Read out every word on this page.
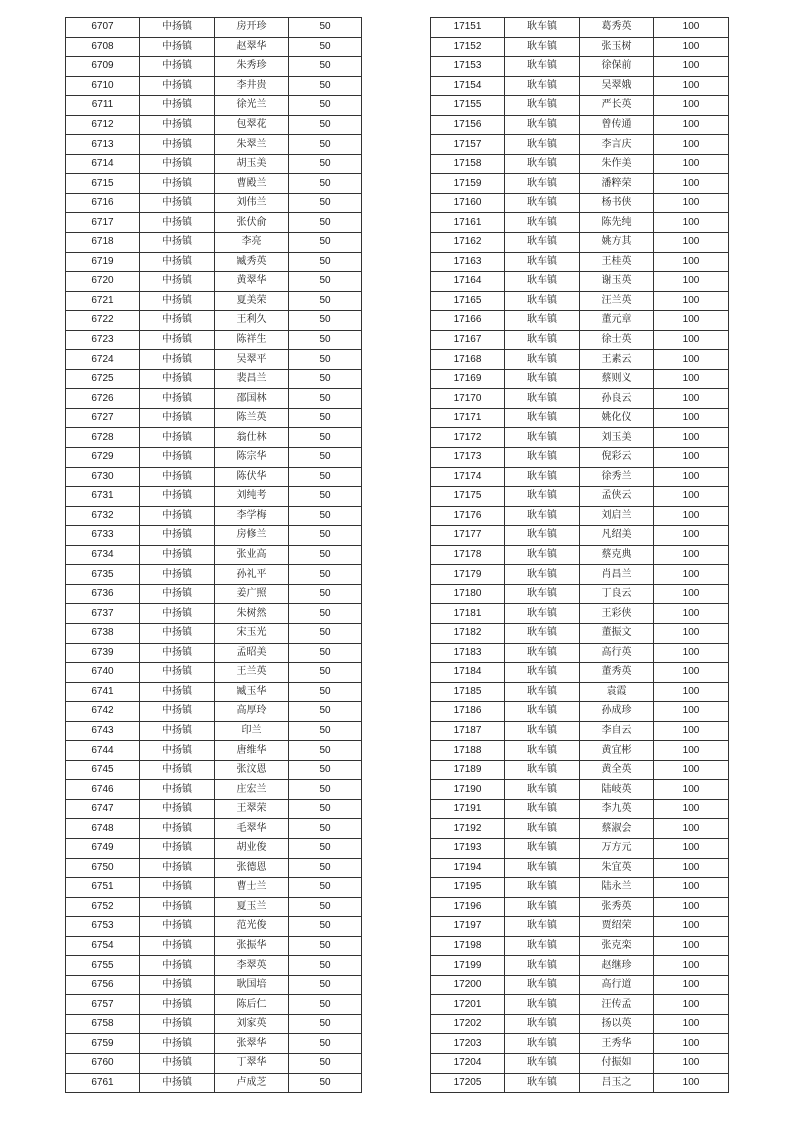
6707	中扬镇	房开珍	50
6708	中扬镇	赵翠华	50
6709	中扬镇	朱秀珍	50
6710	中扬镇	李井贵	50
6711	中扬镇	徐光兰	50
6712	中扬镇	包翠花	50
6713	中扬镇	朱翠兰	50
6714	中扬镇	胡玉美	50
6715	中扬镇	曹殿兰	50
6716	中扬镇	刘伟兰	50
6717	中扬镇	张伏俞	50
6718	中扬镇	李亮	50
6719	中扬镇	臧秀英	50
6720	中扬镇	黄翠华	50
6721	中扬镇	夏美荣	50
6722	中扬镇	王利久	50
6723	中扬镇	陈祥生	50
6724	中扬镇	吴翠平	50
6725	中扬镇	裴昌兰	50
6726	中扬镇	邵国林	50
6727	中扬镇	陈兰英	50
6728	中扬镇	翁仕林	50
6729	中扬镇	陈宗华	50
6730	中扬镇	陈伏华	50
6731	中扬镇	刘纯考	50
6732	中扬镇	李学梅	50
6733	中扬镇	房修兰	50
6734	中扬镇	张业高	50
6735	中扬镇	孙礼平	50
6736	中扬镇	姜广照	50
6737	中扬镇	朱树然	50
6738	中扬镇	宋玉光	50
6739	中扬镇	孟昭美	50
6740	中扬镇	王兰英	50
6741	中扬镇	臧玉华	50
6742	中扬镇	高厚玲	50
6743	中扬镇	印兰	50
6744	中扬镇	唐维华	50
6745	中扬镇	张汶恩	50
6746	中扬镇	庄宏兰	50
6747	中扬镇	王翠荣	50
6748	中扬镇	毛翠华	50
6749	中扬镇	胡业俊	50
6750	中扬镇	张德恩	50
6751	中扬镇	曹士兰	50
6752	中扬镇	夏玉兰	50
6753	中扬镇	范光俊	50
6754	中扬镇	张振华	50
6755	中扬镇	李翠英	50
6756	中扬镇	耿国培	50
6757	中扬镇	陈后仁	50
6758	中扬镇	刘家英	50
6759	中扬镇	张翠华	50
6760	中扬镇	丁翠华	50
6761	中扬镇	卢成芝	50
17151	耿车镇	葛秀英	100
17152	耿车镇	张玉树	100
17153	耿车镇	徐保前	100
17154	耿车镇	吴翠娥	100
17155	耿车镇	严长英	100
17156	耿车镇	曾传通	100
17157	耿车镇	李言庆	100
17158	耿车镇	朱作美	100
17159	耿车镇	潘粹荣	100
17160	耿车镇	杨书侠	100
17161	耿车镇	陈先纯	100
17162	耿车镇	姚方其	100
17163	耿车镇	王桂英	100
17164	耿车镇	谢玉英	100
17165	耿车镇	汪兰英	100
17166	耿车镇	董元章	100
17167	耿车镇	徐士英	100
17168	耿车镇	王素云	100
17169	耿车镇	蔡则义	100
17170	耿车镇	孙良云	100
17171	耿车镇	姚化仪	100
17172	耿车镇	刘玉美	100
17173	耿车镇	倪彩云	100
17174	耿车镇	徐秀兰	100
17175	耿车镇	孟侠云	100
17176	耿车镇	刘启兰	100
17177	耿车镇	凡绍美	100
17178	耿车镇	蔡克典	100
17179	耿车镇	肖昌兰	100
17180	耿车镇	丁良云	100
17181	耿车镇	王彩侠	100
17182	耿车镇	董振文	100
17183	耿车镇	高行英	100
17184	耿车镇	董秀英	100
17185	耿车镇	袁霞	100
17186	耿车镇	孙成珍	100
17187	耿车镇	李自云	100
17188	耿车镇	黄宜彬	100
17189	耿车镇	黄全英	100
17190	耿车镇	陆岐英	100
17191	耿车镇	李九英	100
17192	耿车镇	蔡淑会	100
17193	耿车镇	万方元	100
17194	耿车镇	朱宜英	100
17195	耿车镇	陆永兰	100
17196	耿车镇	张秀英	100
17197	耿车镇	贾绍荣	100
17198	耿车镇	张克栾	100
17199	耿车镇	赵继珍	100
17200	耿车镇	高行道	100
17201	耿车镇	汪传孟	100
17202	耿车镇	扬以英	100
17203	耿车镇	王秀华	100
17204	耿车镇	付振如	100
17205	耿车镇	吕玉之	100
